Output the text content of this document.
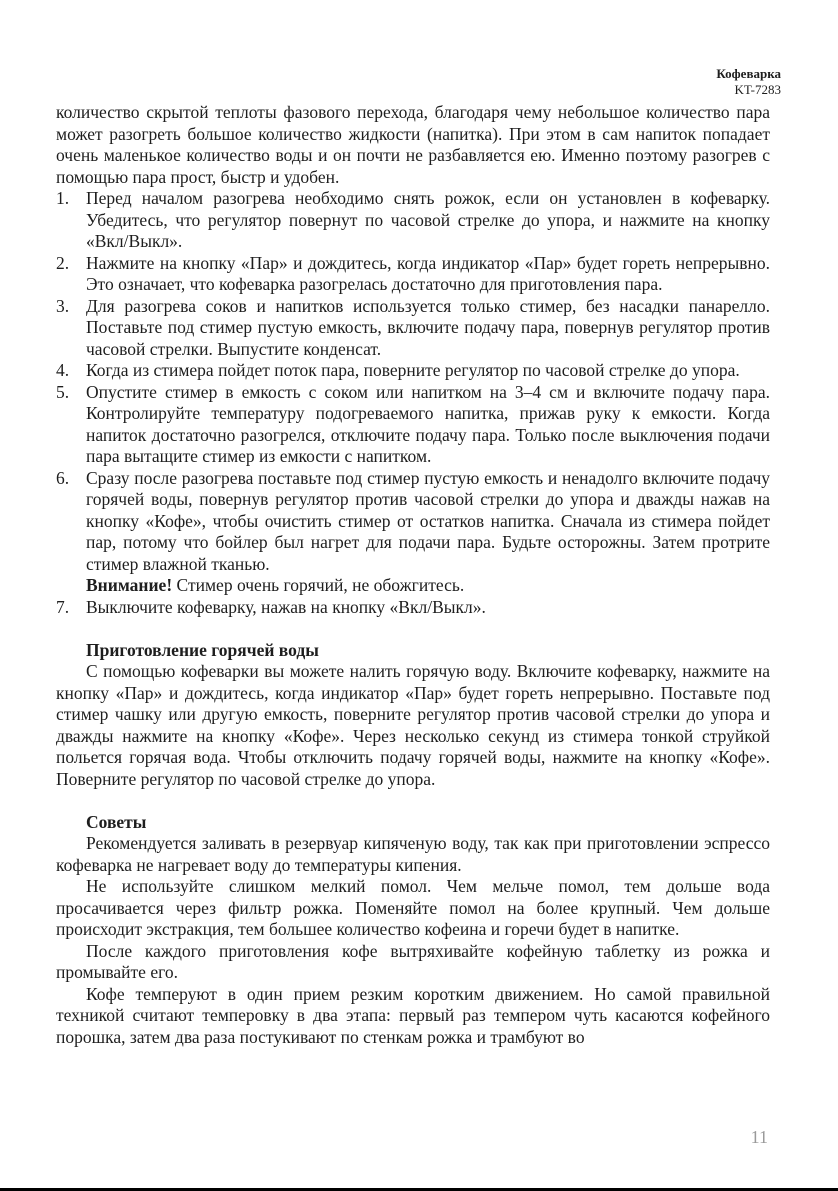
Кофеварка
KT-7283

количество скрытой теплоты фазового перехода, благодаря чему небольшое количество пара может разогреть большое количество жидкости (напитка). При этом в сам напиток попадает очень маленькое количество воды и он почти не разбавляется ею. Именно поэтому разогрев с помощью пара прост, быстр и удобен.

1. Перед началом разогрева необходимо снять рожок, если он установлен в кофеварку. Убедитесь, что регулятор повернут по часовой стрелке до упора, и нажмите на кнопку «Вкл/Выкл».
2. Нажмите на кнопку «Пар» и дождитесь, когда индикатор «Пар» будет гореть непрерывно. Это означает, что кофеварка разогрелась достаточно для приготовления пара.
3. Для разогрева соков и напитков используется только стимер, без насадки панарелло. Поставьте под стимер пустую емкость, включите подачу пара, повернув регулятор против часовой стрелки. Выпустите конденсат.
4. Когда из стимера пойдет поток пара, поверните регулятор по часовой стрелке до упора.
5. Опустите стимер в емкость с соком или напитком на 3–4 см и включите подачу пара. Контролируйте температуру подогреваемого напитка, прижав руку к емкости. Когда напиток достаточно разогрелся, отключите подачу пара. Только после выключения подачи пара вытащите стимер из емкости с напитком.
6. Сразу после разогрева поставьте под стимер пустую емкость и ненадолго включите подачу горячей воды, повернув регулятор против часовой стрелки до упора и дважды нажав на кнопку «Кофе», чтобы очистить стимер от остатков напитка. Сначала из стимера пойдет пар, потому что бойлер был нагрет для подачи пара. Будьте осторожны. Затем протрите стимер влажной тканью.

Внимание! Стимер очень горячий, не обожгитесь.

7. Выключите кофеварку, нажав на кнопку «Вкл/Выкл».
Приготовление горячей воды

С помощью кофеварки вы можете налить горячую воду. Включите кофеварку, нажмите на кнопку «Пар» и дождитесь, когда индикатор «Пар» будет гореть непрерывно. Поставьте под стимер чашку или другую емкость, поверните регулятор против часовой стрелки до упора и дважды нажмите на кнопку «Кофе». Через несколько секунд из стимера тонкой струйкой польется горячая вода. Чтобы отключить подачу горячей воды, нажмите на кнопку «Кофе». Поверните регулятор по часовой стрелке до упора.

Советы

Рекомендуется заливать в резервуар кипяченую воду, так как при приготовлении эспрессо кофеварка не нагревает воду до температуры кипения.

Не используйте слишком мелкий помол. Чем мельче помол, тем дольше вода просачивается через фильтр рожка. Поменяйте помол на более крупный. Чем дольше происходит экстракция, тем большее количество кофеина и горечи будет в напитке.

После каждого приготовления кофе вытряхивайте кофейную таблетку из рожка и промывайте его.

Кофе темперуют в один прием резким коротким движением. Но самой правильной техникой считают темперовку в два этапа: первый раз темпером чуть касаются кофейного порошка, затем два раза постукивают по стенкам рожка и трамбуют во

11
